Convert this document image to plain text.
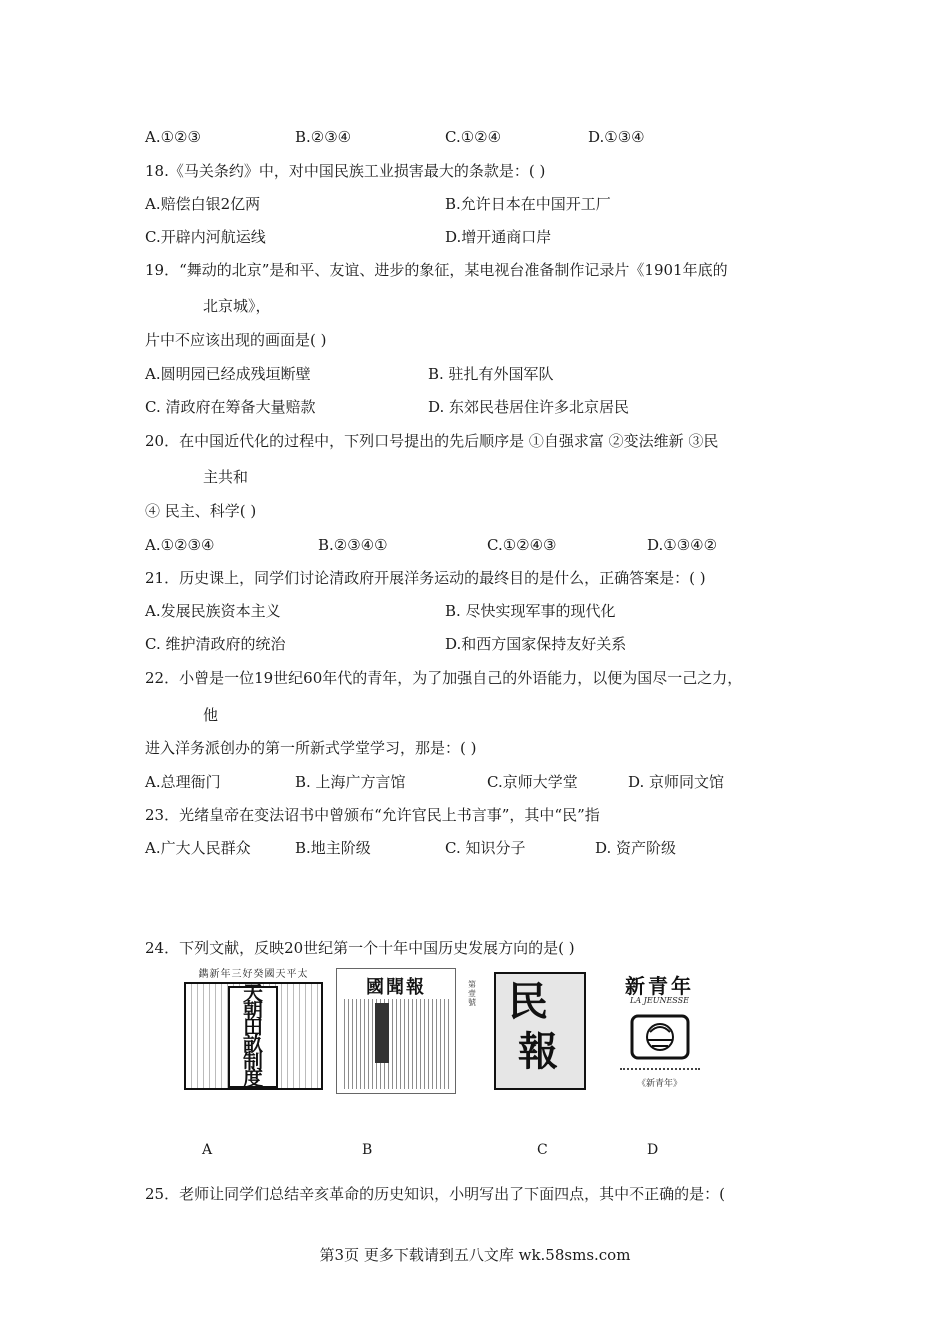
A.①②③	B.②③④	C.①②④	D.①③④
18.《马关条约》中，对中国民族工业损害最大的条款是：( )
A.赔偿白银2亿两	B.允许日本在中国开工厂
C.开辟内河航运线	D.增开通商口岸
19．“舞动的北京”是和平、友谊、进步的象征，某电视台准备制作记录片《1901年底的
北京城》，
片中不应该出现的画面是( )
A.圆明园已经成残垣断壁	B. 驻扎有外国军队
C. 清政府在筹备大量赔款	D. 东郊民巷居住许多北京居民
20．在中国近代化的过程中，下列口号提出的先后顺序是 ①自强求富 ②变法维新 ③民
主共和
④ 民主、科学( )
A.①②③④	B.②③④①	C.①②④③	D.①③④②
21．历史课上，同学们讨论清政府开展洋务运动的最终目的是什么，正确答案是：( )
A.发展民族资本主义	B. 尽快实现军事的现代化
C. 维护清政府的统治	D.和西方国家保持友好关系
22．小曾是一位19世纪60年代的青年，为了加强自己的外语能力，以便为国尽一己之力，
他
进入洋务派创办的第一所新式学堂学习，那是：( )
A.总理衙门	B. 上海广方言馆	C.京师大学堂	D. 京师同文馆
23．光绪皇帝在变法诏书中曾颁布“允许官民上书言事”，其中“民”指
A.广大人民群众	B.地主阶级	C. 知识分子	D. 资产阶级
24．下列文献，反映20世纪第一个十年中国历史发展方向的是( )
鐫新年三好癸國天平太
天
朝
田
畝
制
度
國聞報	第壹號 民
報
新青年
LA JEUNESSE
《新青年》
A	B	C	D
25．老师让同学们总结辛亥革命的历史知识，小明写出了下面四点，其中不正确的是：(
第3页 更多下载请到五八文库 wk.58sms.com
